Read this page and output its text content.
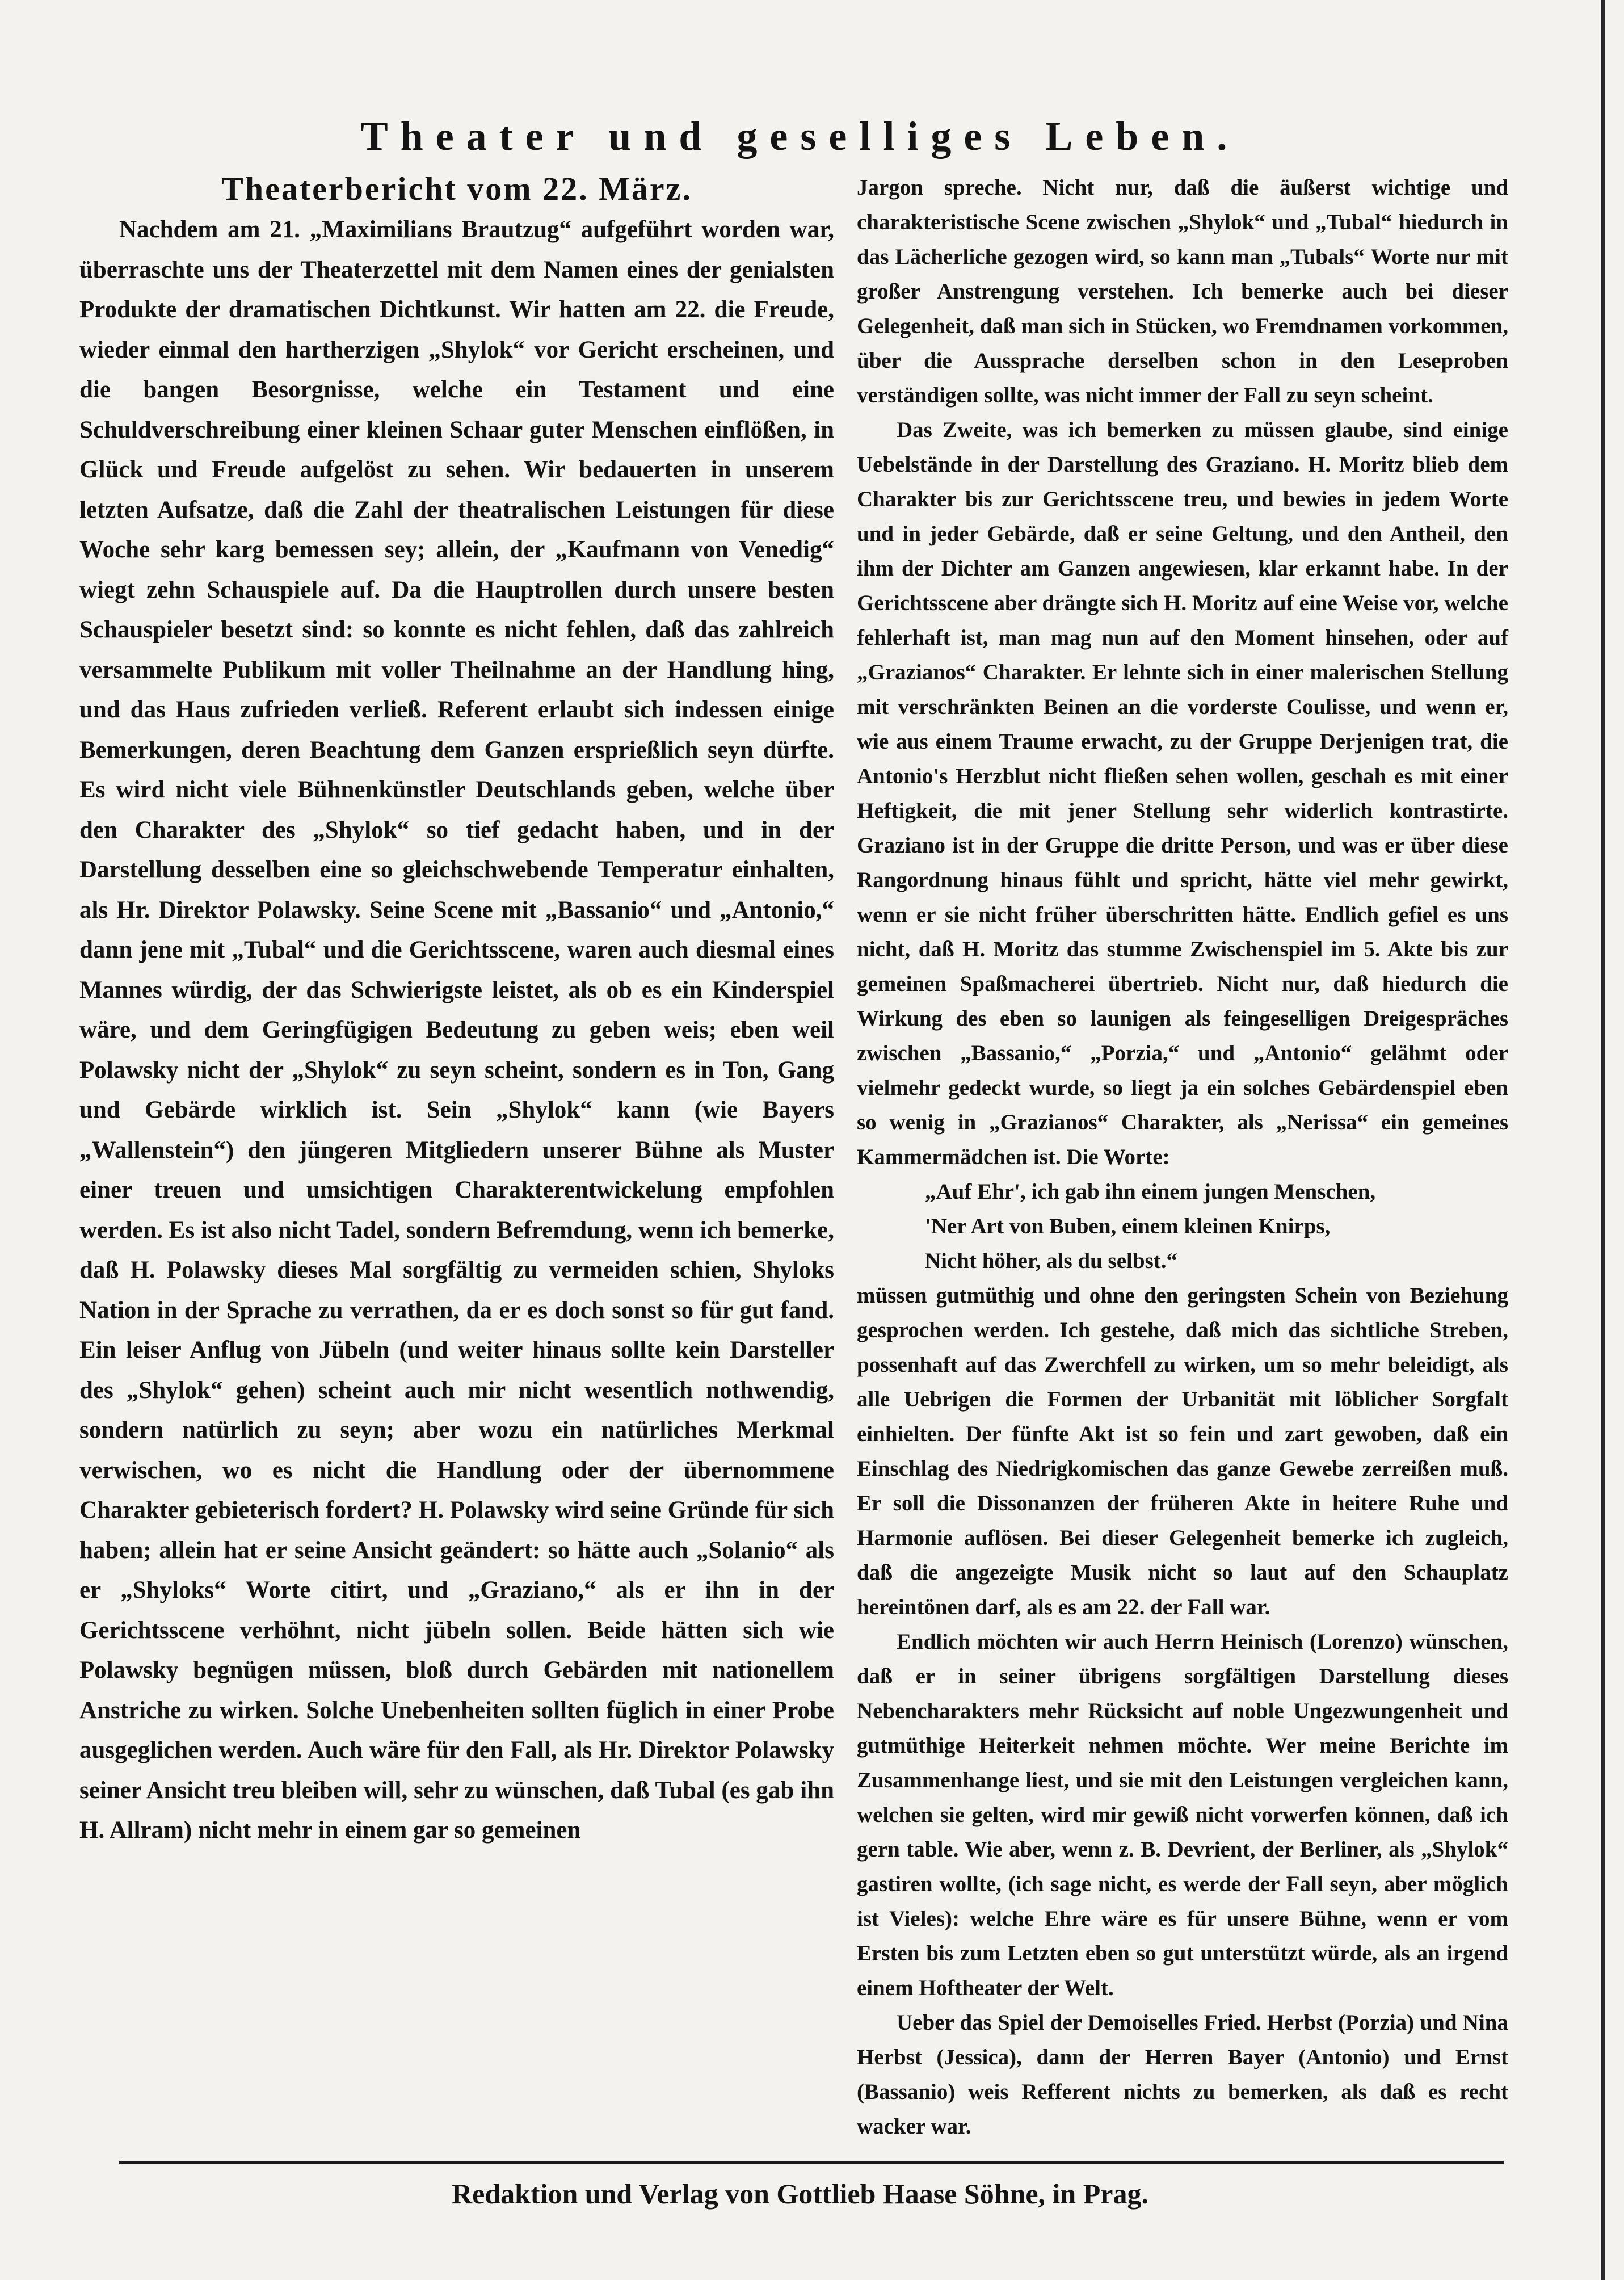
Theater und geselliges Leben.
Theaterbericht vom 22. März.

Nachdem am 21. „Maximilians Brautzug“ aufgeführt worden war, überraschte uns der Theaterzettel mit dem Namen eines der genialsten Produkte der dramatischen Dichtkunst. Wir hatten am 22. die Freude, wieder einmal den hartherzigen „Shylok“ vor Gericht erscheinen, und die bangen Besorgnisse, welche ein Testament und eine Schuldverschreibung einer kleinen Schaar guter Menschen einflößen, in Glück und Freude aufgelöst zu sehen. Wir bedauerten in unserem letzten Aufsatze, daß die Zahl der theatralischen Leistungen für diese Woche sehr karg bemessen sey; allein, der „Kaufmann von Venedig“ wiegt zehn Schauspiele auf. Da die Hauptrollen durch unsere besten Schauspieler besetzt sind: so konnte es nicht fehlen, daß das zahlreich versammelte Publikum mit voller Theilnahme an der Handlung hing, und das Haus zufrieden verließ. Referent erlaubt sich indessen einige Bemerkungen, deren Beachtung dem Ganzen ersprießlich seyn dürfte. Es wird nicht viele Bühnenkünstler Deutschlands geben, welche über den Charakter des „Shylok“ so tief gedacht haben, und in der Darstellung desselben eine so gleichschwebende Temperatur einhalten, als Hr. Direktor Polawsky. Seine Scene mit „Bassanio“ und „Antonio,“ dann jene mit „Tubal“ und die Gerichtsscene, waren auch diesmal eines Mannes würdig, der das Schwierigste leistet, als ob es ein Kinderspiel wäre, und dem Geringfügigen Bedeutung zu geben weis; eben weil Polawsky nicht der „Shylok“ zu seyn scheint, sondern es in Ton, Gang und Gebärde wirklich ist. Sein „Shylok“ kann (wie Bayers „Wallenstein“) den jüngeren Mitgliedern unserer Bühne als Muster einer treuen und umsichtigen Charakterentwickelung empfohlen werden. Es ist also nicht Tadel, sondern Befremdung, wenn ich bemerke, daß H. Polawsky dieses Mal sorgfältig zu vermeiden schien, Shyloks Nation in der Sprache zu verrathen, da er es doch sonst so für gut fand. Ein leiser Anflug von Jübeln (und weiter hinaus sollte kein Darsteller des „Shylok“ gehen) scheint auch mir nicht wesentlich nothwendig, sondern natürlich zu seyn; aber wozu ein natürliches Merkmal verwischen, wo es nicht die Handlung oder der übernommene Charakter gebieterisch fordert? H. Polawsky wird seine Gründe für sich haben; allein hat er seine Ansicht geändert: so hätte auch „Solanio“ als er „Shyloks“ Worte citirt, und „Graziano,“ als er ihn in der Gerichtsscene verhöhnt, nicht jübeln sollen. Beide hätten sich wie Polawsky begnügen müssen, bloß durch Gebärden mit nationellem Anstriche zu wirken. Solche Unebenheiten sollten füglich in einer Probe ausgeglichen werden. Auch wäre für den Fall, als Hr. Direktor Polawsky seiner Ansicht treu bleiben will, sehr zu wünschen, daß Tubal (es gab ihn H. Allram) nicht mehr in einem gar so gemeinen

Jargon spreche. Nicht nur, daß die äußerst wichtige und charakteristische Scene zwischen „Shylok“ und „Tubal“ hiedurch in das Lächerliche gezogen wird, so kann man „Tubals“ Worte nur mit großer Anstrengung verstehen. Ich bemerke auch bei dieser Gelegenheit, daß man sich in Stücken, wo Fremdnamen vorkommen, über die Aussprache derselben schon in den Leseproben verständigen sollte, was nicht immer der Fall zu seyn scheint.

Das Zweite, was ich bemerken zu müssen glaube, sind einige Uebelstände in der Darstellung des Graziano. H. Moritz blieb dem Charakter bis zur Gerichtsscene treu, und bewies in jedem Worte und in jeder Gebärde, daß er seine Geltung, und den Antheil, den ihm der Dichter am Ganzen angewiesen, klar erkannt habe. In der Gerichtsscene aber drängte sich H. Moritz auf eine Weise vor, welche fehlerhaft ist, man mag nun auf den Moment hinsehen, oder auf „Grazianos“ Charakter. Er lehnte sich in einer malerischen Stellung mit verschränkten Beinen an die vorderste Coulisse, und wenn er, wie aus einem Traume erwacht, zu der Gruppe Derjenigen trat, die Antonio's Herzblut nicht fließen sehen wollen, geschah es mit einer Heftigkeit, die mit jener Stellung sehr widerlich kontrastirte. Graziano ist in der Gruppe die dritte Person, und was er über diese Rangordnung hinaus fühlt und spricht, hätte viel mehr gewirkt, wenn er sie nicht früher überschritten hätte. Endlich gefiel es uns nicht, daß H. Moritz das stumme Zwischenspiel im 5. Akte bis zur gemeinen Spaßmacherei übertrieb. Nicht nur, daß hiedurch die Wirkung des eben so launigen als feingeselligen Dreigespräches zwischen „Bassanio,“ „Porzia,“ und „Antonio“ gelähmt oder vielmehr gedeckt wurde, so liegt ja ein solches Gebärdenspiel eben so wenig in „Grazianos“ Charakter, als „Nerissa“ ein gemeines Kammermädchen ist. Die Worte:

„Auf Ehr', ich gab ihn einem jungen Menschen,
'Ner Art von Buben, einem kleinen Knirps,
Nicht höher, als du selbst.“

müssen gutmüthig und ohne den geringsten Schein von Beziehung gesprochen werden. Ich gestehe, daß mich das sichtliche Streben, possenhaft auf das Zwerchfell zu wirken, um so mehr beleidigt, als alle Uebrigen die Formen der Urbanität mit löblicher Sorgfalt einhielten. Der fünfte Akt ist so fein und zart gewoben, daß ein Einschlag des Niedrigkomischen das ganze Gewebe zerreißen muß. Er soll die Dissonanzen der früheren Akte in heitere Ruhe und Harmonie auflösen. Bei dieser Gelegenheit bemerke ich zugleich, daß die angezeigte Musik nicht so laut auf den Schauplatz hereintönen darf, als es am 22. der Fall war.

Endlich möchten wir auch Herrn Heinisch (Lorenzo) wünschen, daß er in seiner übrigens sorgfältigen Darstellung dieses Nebencharakters mehr Rücksicht auf noble Ungezwungenheit und gutmüthige Heiterkeit nehmen möchte. Wer meine Berichte im Zusammenhange liest, und sie mit den Leistungen vergleichen kann, welchen sie gelten, wird mir gewiß nicht vorwerfen können, daß ich gern table. Wie aber, wenn z. B. Devrient, der Berliner, als „Shylok“ gastiren wollte, (ich sage nicht, es werde der Fall seyn, aber möglich ist Vieles): welche Ehre wäre es für unsere Bühne, wenn er vom Ersten bis zum Letzten eben so gut unterstützt würde, als an irgend einem Hoftheater der Welt.

Ueber das Spiel der Demoiselles Fried. Herbst (Porzia) und Nina Herbst (Jessica), dann der Herren Bayer (Antonio) und Ernst (Bassanio) weis Refferent nichts zu bemerken, als daß es recht wacker war.

Redaktion und Verlag von Gottlieb Haase Söhne, in Prag.
